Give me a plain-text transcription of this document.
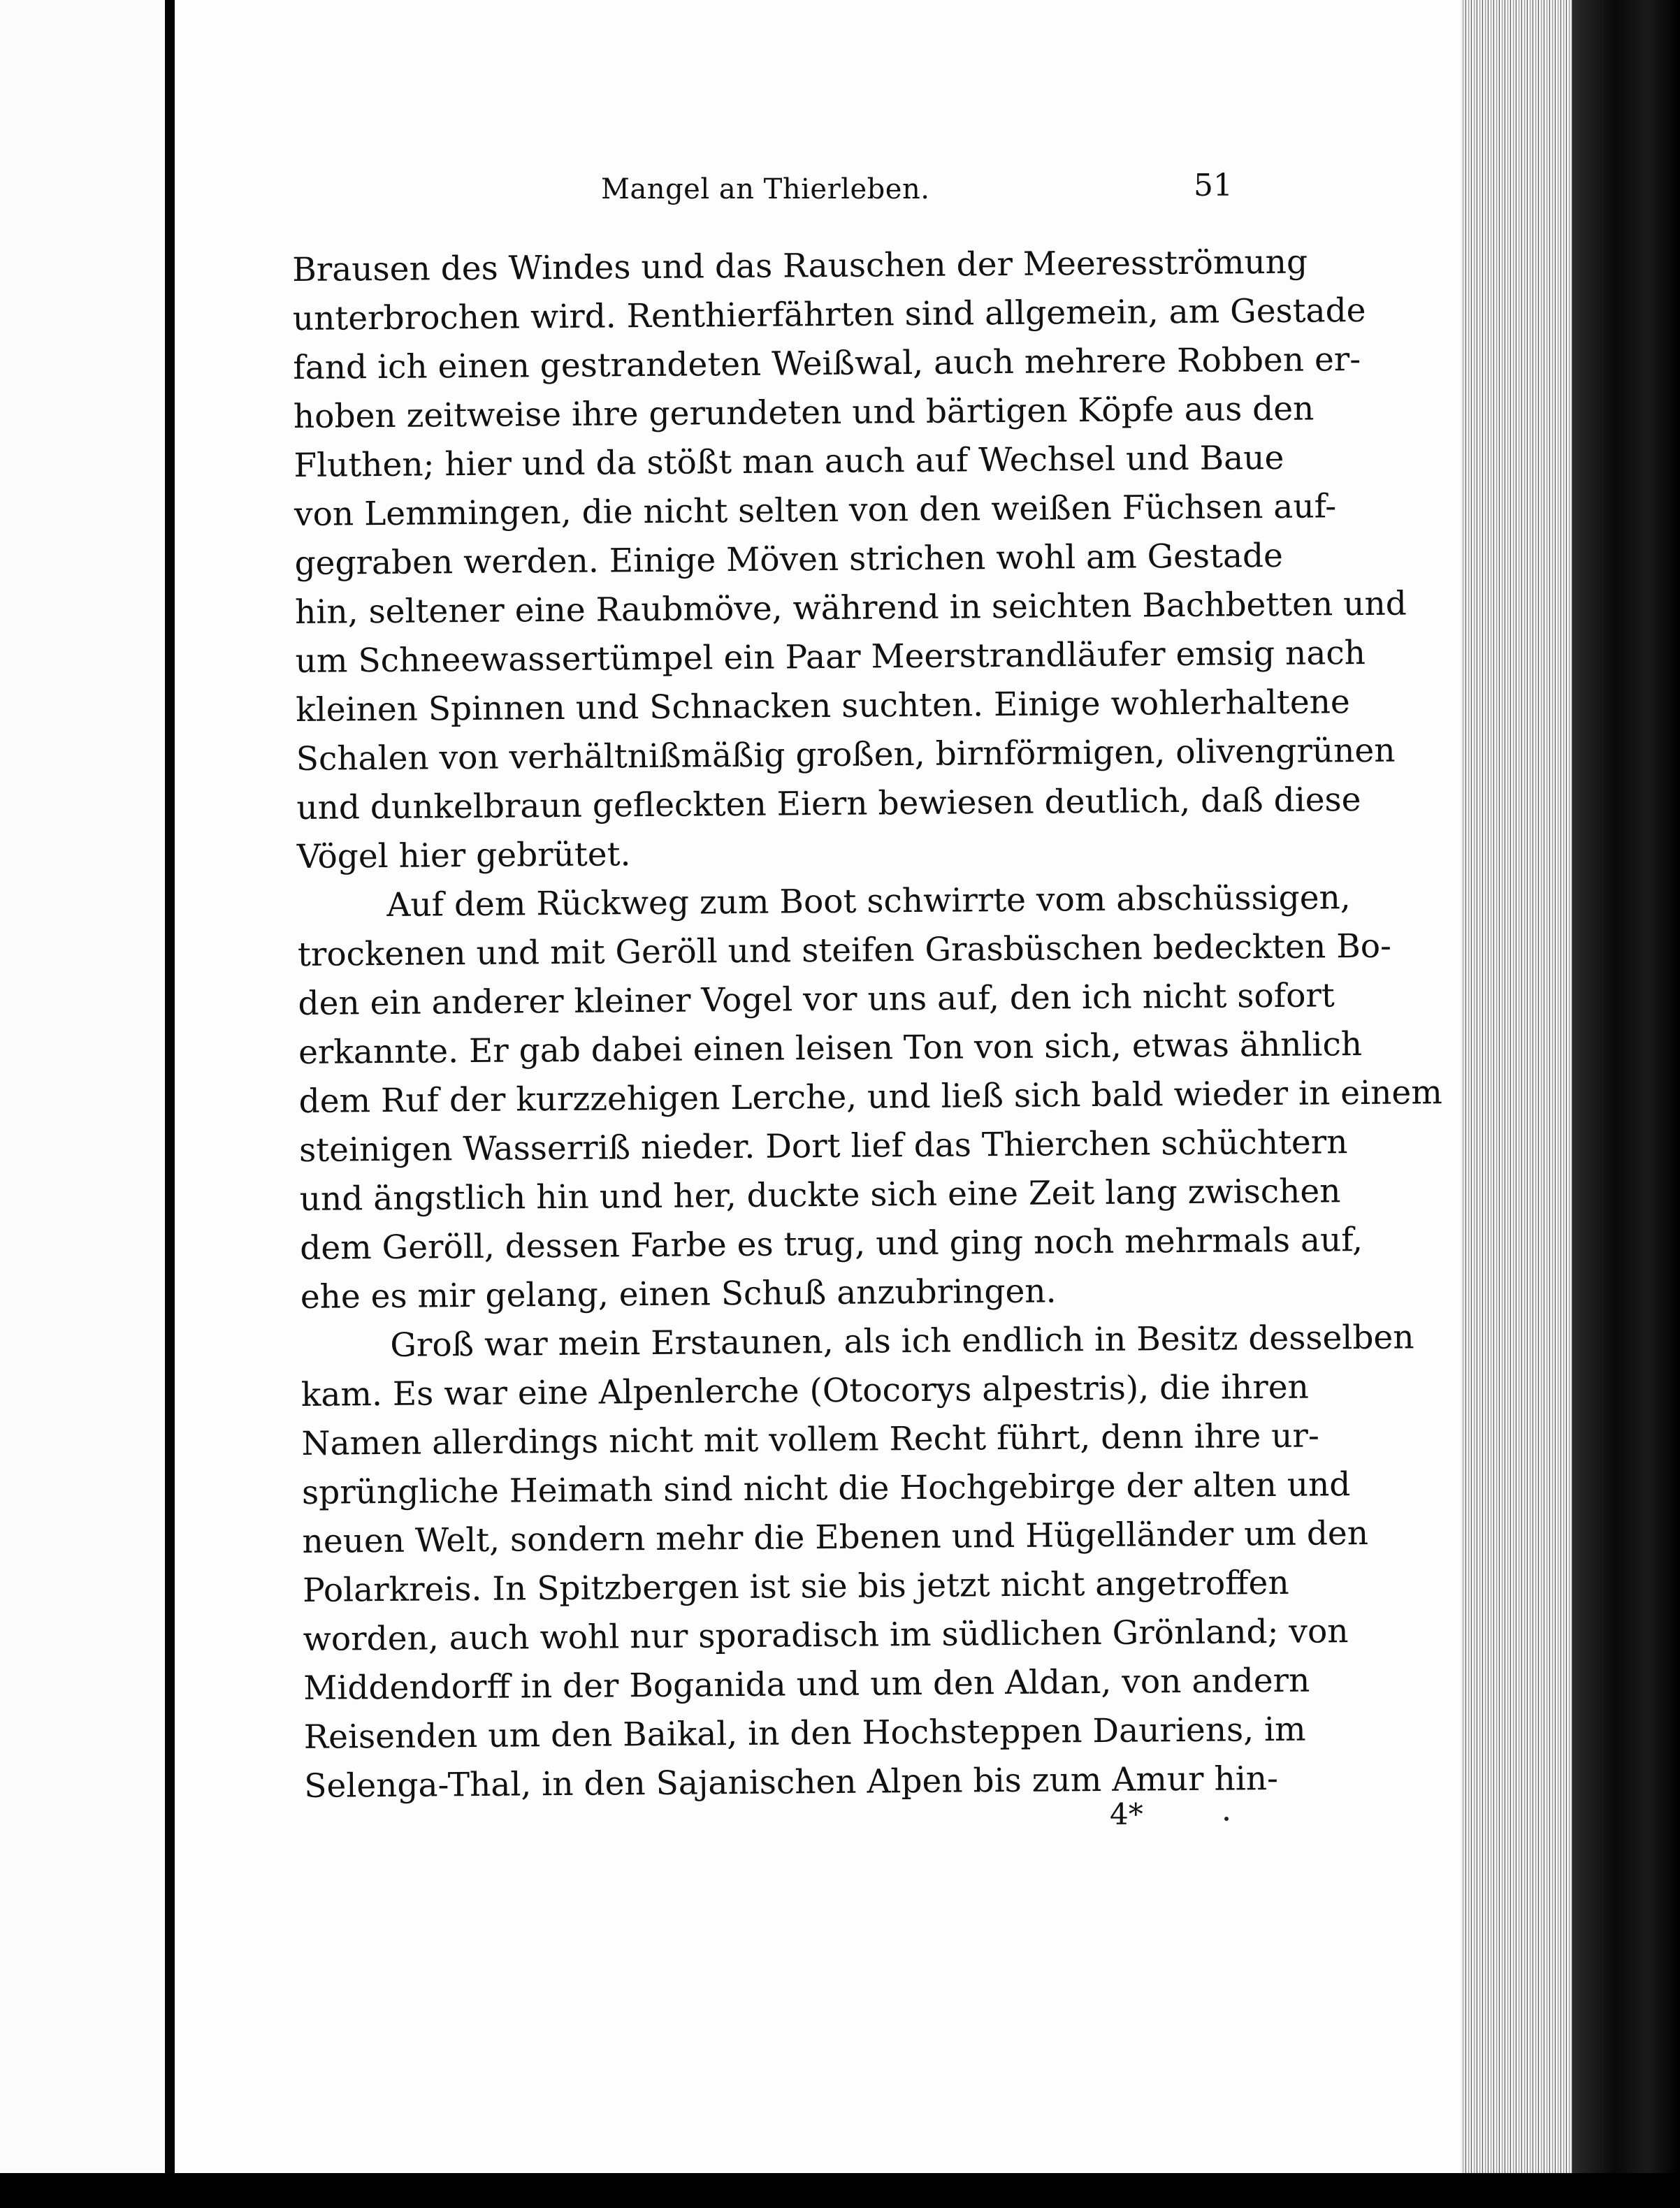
Mangel an Thierleben.	51
Brausen des Windes und das Rauschen der Meeresströmung
unterbrochen wird. Renthierfährten sind allgemein, am Gestade
fand ich einen gestrandeten Weißwal, auch mehrere Robben er-
hoben zeitweise ihre gerundeten und bärtigen Köpfe aus den
Fluthen; hier und da stößt man auch auf Wechsel und Baue
von Lemmingen, die nicht selten von den weißen Füchsen auf-
gegraben werden. Einige Möven strichen wohl am Gestade
hin, seltener eine Raubmöve, während in seichten Bachbetten und
um Schneewassertümpel ein Paar Meerstrandläufer emsig nach
kleinen Spinnen und Schnacken suchten. Einige wohlerhaltene
Schalen von verhältnißmäßig großen, birnförmigen, olivengrünen
und dunkelbraun gefleckten Eiern bewiesen deutlich, daß diese
Vögel hier gebrütet.
Auf dem Rückweg zum Boot schwirrte vom abschüssigen,
trockenen und mit Geröll und steifen Grasbüschen bedeckten Bo-
den ein anderer kleiner Vogel vor uns auf, den ich nicht sofort
erkannte. Er gab dabei einen leisen Ton von sich, etwas ähnlich
dem Ruf der kurzzehigen Lerche, und ließ sich bald wieder in einem
steinigen Wasserriß nieder. Dort lief das Thierchen schüchtern
und ängstlich hin und her, duckte sich eine Zeit lang zwischen
dem Geröll, dessen Farbe es trug, und ging noch mehrmals auf,
ehe es mir gelang, einen Schuß anzubringen.
Groß war mein Erstaunen, als ich endlich in Besitz desselben
kam. Es war eine Alpenlerche (Otocorys alpestris), die ihren
Namen allerdings nicht mit vollem Recht führt, denn ihre ur-
sprüngliche Heimath sind nicht die Hochgebirge der alten und
neuen Welt, sondern mehr die Ebenen und Hügelländer um den
Polarkreis. In Spitzbergen ist sie bis jetzt nicht angetroffen
worden, auch wohl nur sporadisch im südlichen Grönland; von
Middendorff in der Boganida und um den Aldan, von andern
Reisenden um den Baikal, in den Hochsteppen Dauriens, im
Selenga-Thal, in den Sajanischen Alpen bis zum Amur hin-
4*
